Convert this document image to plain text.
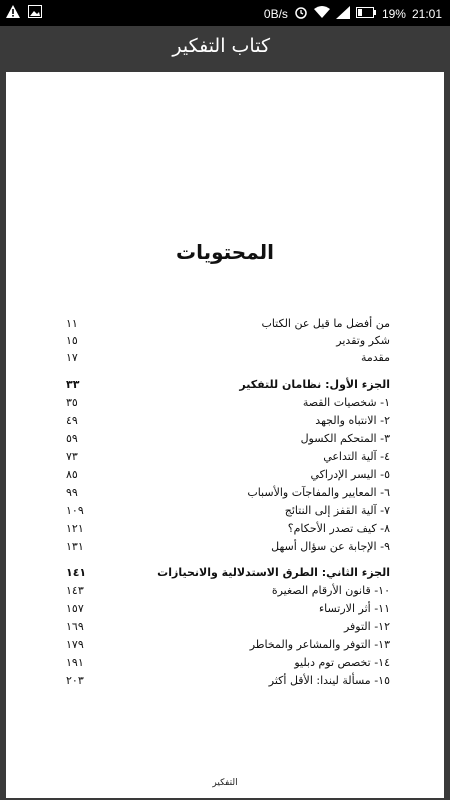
0B/s	19% 21:01
كتاب التفكير
المحتويات
من أفضل ما قيل عن الكتاب
١١
شكر وتقدير
١٥
مقدمة
١٧
الجزء الأول: نظامان للتفكير
٣٣
١- شخصيات القصة
٣٥
٢- الانتباه والجهد
٤٩
٣- المتحكم الكسول
٥٩
٤- آلية التداعي
٧٣
٥- اليسر الإدراكي
٨٥
٦- المعايير والمفاجآت والأسباب
٩٩
٧- آلية القفز إلى النتائج
١٠٩
٨- كيف تصدر الأحكام؟
١٢١
٩- الإجابة عن سؤال أسهل
١٣١
الجزء الثاني: الطرق الاستدلالية والانحيازات
١٤١
١٠- قانون الأرقام الصغيرة
١٤٣
١١- أثر الارتساء
١٥٧
١٢- التوفر
١٦٩
١٣- التوفر والمشاعر والمخاطر
١٧٩
١٤- تخصص توم دبليو
١٩١
١٥- مسألة ليندا: الأقل أكثر
٢٠٣
التفكير
